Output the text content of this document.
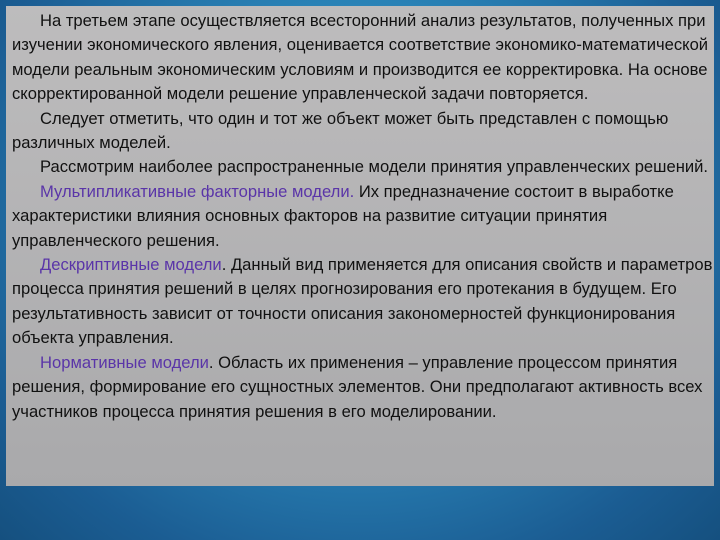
На третьем этапе осуществляется всесторонний анализ результатов, полученных при изучении экономического явления, оценивается соответствие экономико-математической модели реальным экономическим условиям и производится ее корректировка. На основе скорректированной модели решение управленческой задачи повторяется.
Следует отметить, что один и тот же объект может быть представлен с помощью различных моделей.
Рассмотрим наиболее распространенные модели принятия управленческих решений.
Мультипликативные факторные модели. Их предназначение состоит в выработке характеристики влияния основных факторов на развитие ситуации принятия управленческого решения.
Дескриптивные модели. Данный вид применяется для описания свойств и параметров процесса принятия решений в целях прогнозирования его протекания в будущем. Его результативность зависит от точности описания закономерностей функционирования объекта управления.
Нормативные модели. Область их применения – управление процессом принятия решения, формирование его сущностных элементов. Они предполагают активность всех участников процесса принятия решения в его моделировании.
